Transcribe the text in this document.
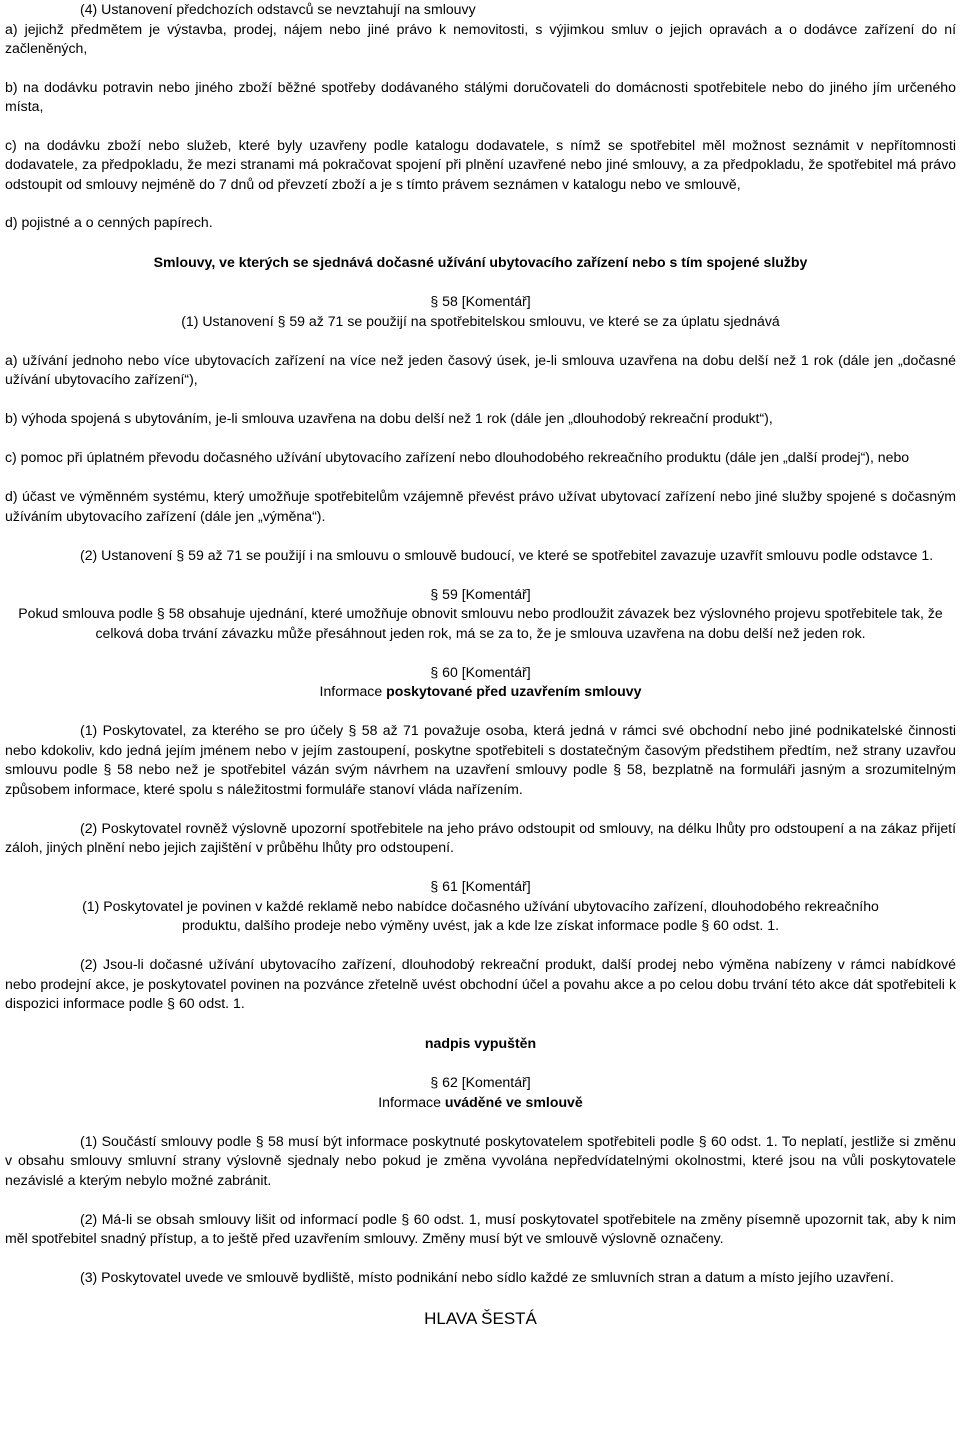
(4) Ustanovení předchozích odstavců se nevztahují na smlouvy

a) jejichž předmětem je výstavba, prodej, nájem nebo jiné právo k nemovitosti, s výjimkou smluv o jejich opravách a o dodávce zařízení do ní začleněných,

b) na dodávku potravin nebo jiného zboží běžné spotřeby dodávaného stálými doručovateli do domácnosti spotřebitele nebo do jiného jím určeného místa,

c) na dodávku zboží nebo služeb, které byly uzavřeny podle katalogu dodavatele, s nímž se spotřebitel měl možnost seznámit v nepřítomnosti dodavatele, za předpokladu, že mezi stranami má pokračovat spojení při plnění uzavřené nebo jiné smlouvy, a za předpokladu, že spotřebitel má právo odstoupit od smlouvy nejméně do 7 dnů od převzetí zboží a je s tímto právem seznámen v katalogu nebo ve smlouvě,

d) pojistné a o cenných papírech.

Smlouvy, ve kterých se sjednává dočasné užívání ubytovacího zařízení nebo s tím spojené služby

§ 58 [Komentář]

(1) Ustanovení § 59 až 71 se použijí na spotřebitelskou smlouvu, ve které se za úplatu sjednává

a) užívání jednoho nebo více ubytovacích zařízení na více než jeden časový úsek, je-li smlouva uzavřena na dobu delší než 1 rok (dále jen „dočasné užívání ubytovacího zařízení“),

b) výhoda spojená s ubytováním, je-li smlouva uzavřena na dobu delší než 1 rok (dále jen „dlouhodobý rekreační produkt“),

c) pomoc při úplatném převodu dočasného užívání ubytovacího zařízení nebo dlouhodobého rekreačního produktu (dále jen „další prodej“), nebo

d) účast ve výměnném systému, který umožňuje spotřebitelům vzájemně převést právo užívat ubytovací zařízení nebo jiné služby spojené s dočasným užíváním ubytovacího zařízení (dále jen „výměna“).

(2) Ustanovení § 59 až 71 se použijí i na smlouvu o smlouvě budoucí, ve které se spotřebitel zavazuje uzavřít smlouvu podle odstavce 1.

§ 59 [Komentář]

Pokud smlouva podle § 58 obsahuje ujednání, které umožňuje obnovit smlouvu nebo prodloužit závazek bez výslovného projevu spotřebitele tak, že celková doba trvání závazku může přesáhnout jeden rok, má se za to, že je smlouva uzavřena na dobu delší než jeden rok.

§ 60 [Komentář]

Informace poskytované před uzavřením smlouvy

(1) Poskytovatel, za kterého se pro účely § 58 až 71 považuje osoba, která jedná v rámci své obchodní nebo jiné podnikatelské činnosti nebo kdokoliv, kdo jedná jejím jménem nebo v jejím zastoupení, poskytne spotřebiteli s dostatečným časovým předstihem předtím, než strany uzavřou smlouvu podle § 58 nebo než je spotřebitel vázán svým návrhem na uzavření smlouvy podle § 58, bezplatně na formuláři jasným a srozumitelným způsobem informace, které spolu s náležitostmi formuláře stanoví vláda nařízením.

(2) Poskytovatel rovněž výslovně upozorní spotřebitele na jeho právo odstoupit od smlouvy, na délku lhůty pro odstoupení a na zákaz přijetí záloh, jiných plnění nebo jejich zajištění v průběhu lhůty pro odstoupení.

§ 61 [Komentář]

(1) Poskytovatel je povinen v každé reklamě nebo nabídce dočasného užívání ubytovacího zařízení, dlouhodobého rekreačního produktu, dalšího prodeje nebo výměny uvést, jak a kde lze získat informace podle § 60 odst. 1.

(2) Jsou-li dočasné užívání ubytovacího zařízení, dlouhodobý rekreační produkt, další prodej nebo výměna nabízeny v rámci nabídkové nebo prodejní akce, je poskytovatel povinen na pozvánce zřetelně uvést obchodní účel a povahu akce a po celou dobu trvání této akce dát spotřebiteli k dispozici informace podle § 60 odst. 1.

nadpis vypuštěn

§ 62 [Komentář]

Informace uváděné ve smlouvě

(1) Součástí smlouvy podle § 58 musí být informace poskytnuté poskytovatelem spotřebiteli podle § 60 odst. 1. To neplatí, jestliže si změnu v obsahu smlouvy smluvní strany výslovně sjednaly nebo pokud je změna vyvolána nepředvídatelnými okolnostmi, které jsou na vůli poskytovatele nezávislé a kterým nebylo možné zabránit.

(2) Má-li se obsah smlouvy lišit od informací podle § 60 odst. 1, musí poskytovatel spotřebitele na změny písemně upozornit tak, aby k nim měl spotřebitel snadný přístup, a to ještě před uzavřením smlouvy. Změny musí být ve smlouvě výslovně označeny.

(3) Poskytovatel uvede ve smlouvě bydliště, místo podnikání nebo sídlo každé ze smluvních stran a datum a místo jejího uzavření.

HLAVA ŠESTÁ
